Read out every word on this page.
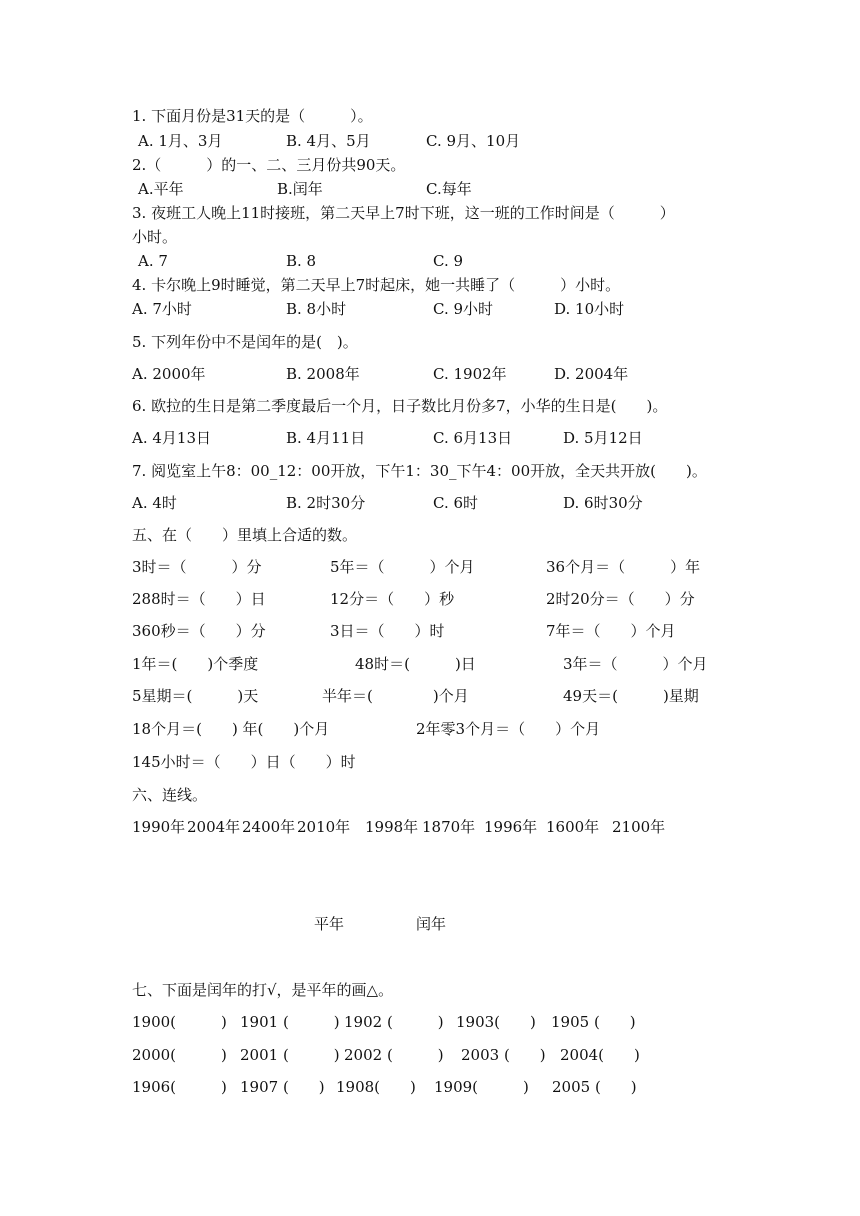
1. 下面月份是31天的是（　　　）。
A. 1月、3月	B. 4月、5月	C. 9月、10月
2.（　　　）的一、二、三月份共90天。
A.平年	B.闰年	C.每年
3. 夜班工人晚上11时接班，第二天早上7时下班，这一班的工作时间是（　　　）
小时。
A. 7	B. 8	C. 9
4. 卡尔晚上9时睡觉，第二天早上7时起床，她一共睡了（　　　）小时。
A. 7小时	B. 8小时	C. 9小时	D. 10小时
5. 下列年份中不是闰年的是(　)。
A. 2000年	B. 2008年	C. 1902年	D. 2004年
6. 欧拉的生日是第二季度最后一个月，日子数比月份多7，小华的生日是(　　)。
A. 4月13日	B. 4月11日	C. 6月13日	D. 5月12日
7. 阅览室上午8：00_12：00开放，下午1：30_下午4：00开放，全天共开放(　　)。
A. 4时	B. 2时30分	C. 6时	D. 6时30分
五、在（　　）里填上合适的数。
3时＝（　　　）分	5年＝（　　　）个月	36个月＝（　　　）年
288时＝（　　）日	12分＝（　　）秒	2时20分＝（　　）分
360秒＝（　　）分	3日＝（　　）时	7年＝（　　）个月
1年＝(　　)个季度	48时＝(　　　)日	3年＝（　　　）个月
5星期＝(　　　)天	半年＝(　　　　)个月	49天＝(　　　)星期
18个月＝(　　) 年(　　)个月	2年零3个月＝（　　）个月
145小时＝（　　）日（　　）时
六、连线。
1990年 2004年 2400年 2010年 1998年 1870年 1996年 1600年 2100年
平年	闰年
七、下面是闰年的打√，是平年的画△。
1900(　　　) 1901 (　　　) 1902 (　　　) 1903(　　) 1905 (　　)
2000(　　　) 2001 (　　　) 2002 (　　　) 2003 (　　) 2004(　　)
1906(　　　) 1907 (　　) 1908(　　) 1909(　　　) 2005 (　　)
